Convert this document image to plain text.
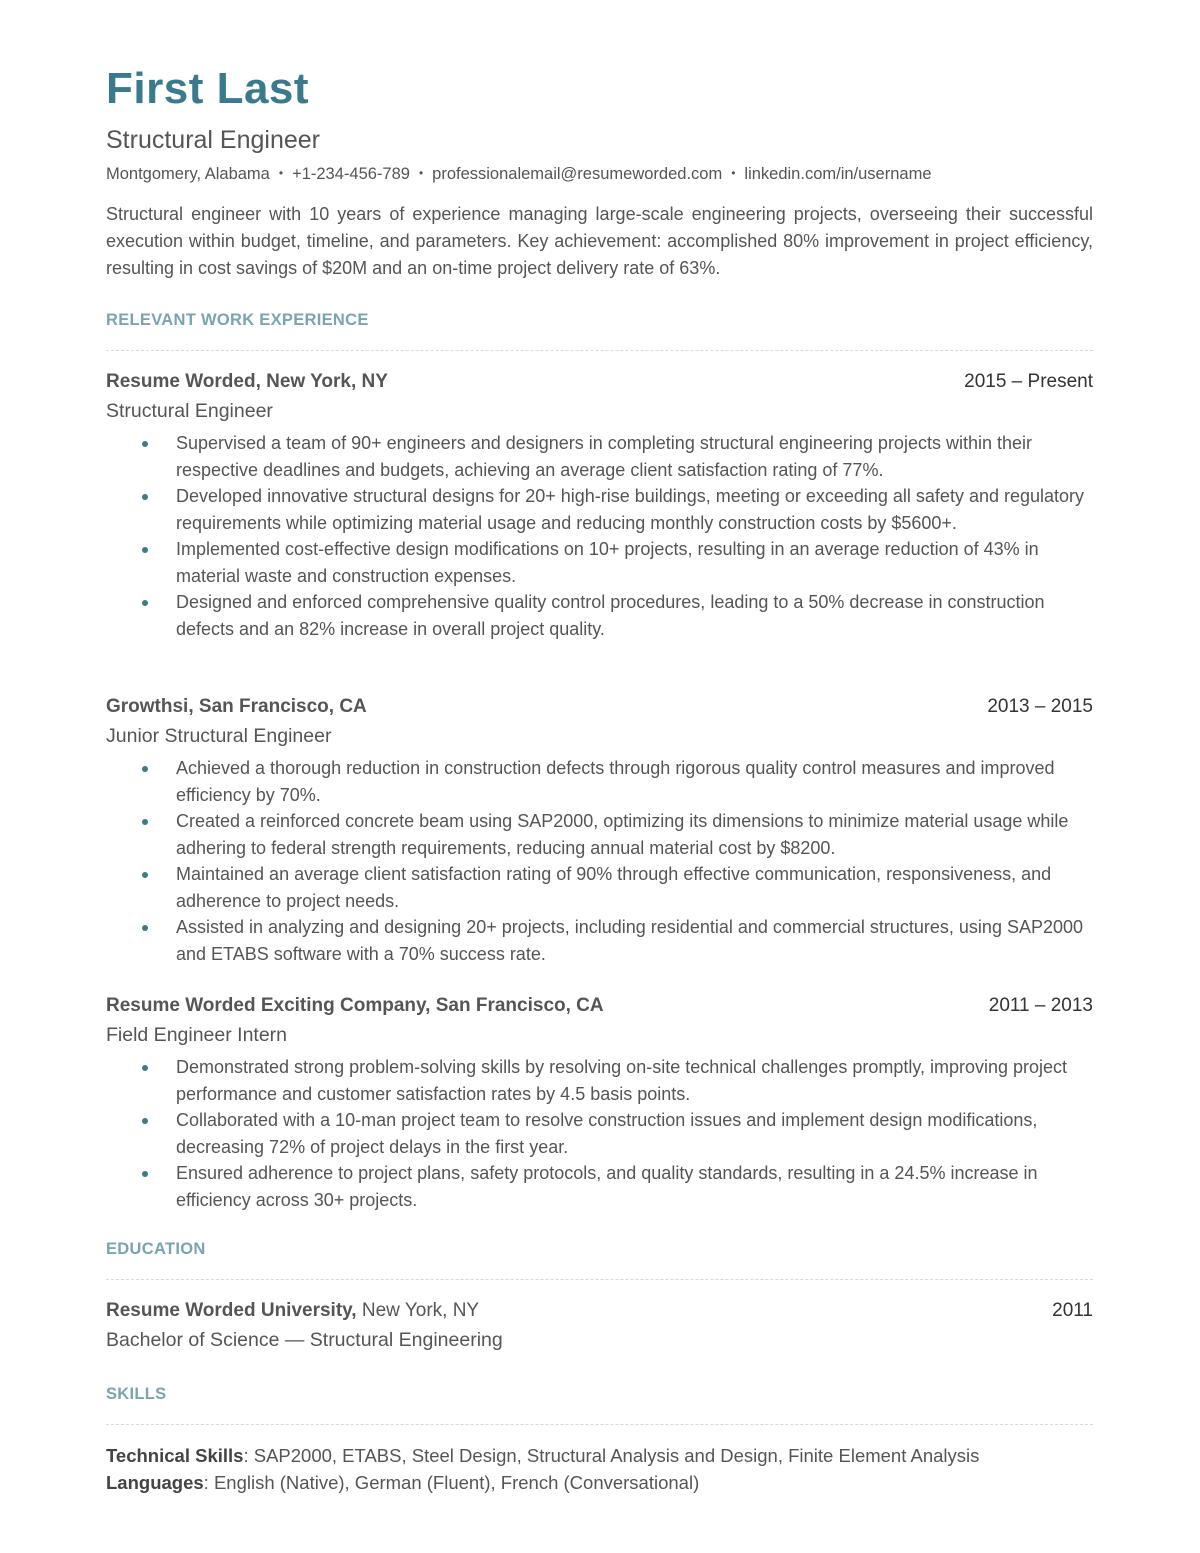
First Last
Structural Engineer
Montgomery, Alabama • +1-234-456-789 • professionalemail@resumeworded.com • linkedin.com/in/username
Structural engineer with 10 years of experience managing large-scale engineering projects, overseeing their successful execution within budget, timeline, and parameters. Key achievement: accomplished 80% improvement in project efficiency, resulting in cost savings of $20M and an on-time project delivery rate of 63%.
RELEVANT WORK EXPERIENCE
Resume Worded, New York, NY	2015 – Present
Structural Engineer
Supervised a team of 90+ engineers and designers in completing structural engineering projects within their respective deadlines and budgets, achieving an average client satisfaction rating of 77%.
Developed innovative structural designs for 20+ high-rise buildings, meeting or exceeding all safety and regulatory requirements while optimizing material usage and reducing monthly construction costs by $5600+.
Implemented cost-effective design modifications on 10+ projects, resulting in an average reduction of 43% in material waste and construction expenses.
Designed and enforced comprehensive quality control procedures, leading to a 50% decrease in construction defects and an 82% increase in overall project quality.
Growthsi, San Francisco, CA	2013 – 2015
Junior Structural Engineer
Achieved a thorough reduction in construction defects through rigorous quality control measures and improved efficiency by 70%.
Created a reinforced concrete beam using SAP2000, optimizing its dimensions to minimize material usage while adhering to federal strength requirements, reducing annual material cost by $8200.
Maintained an average client satisfaction rating of 90% through effective communication, responsiveness, and adherence to project needs.
Assisted in analyzing and designing 20+ projects, including residential and commercial structures, using SAP2000 and ETABS software with a 70% success rate.
Resume Worded Exciting Company, San Francisco, CA	2011 – 2013
Field Engineer Intern
Demonstrated strong problem-solving skills by resolving on-site technical challenges promptly, improving project performance and customer satisfaction rates by 4.5 basis points.
Collaborated with a 10-man project team to resolve construction issues and implement design modifications, decreasing 72% of project delays in the first year.
Ensured adherence to project plans, safety protocols, and quality standards, resulting in a 24.5% increase in efficiency across 30+ projects.
EDUCATION
Resume Worded University, New York, NY	2011
Bachelor of Science — Structural Engineering
SKILLS
Technical Skills: SAP2000, ETABS, Steel Design, Structural Analysis and Design, Finite Element Analysis
Languages: English (Native), German (Fluent), French (Conversational)
